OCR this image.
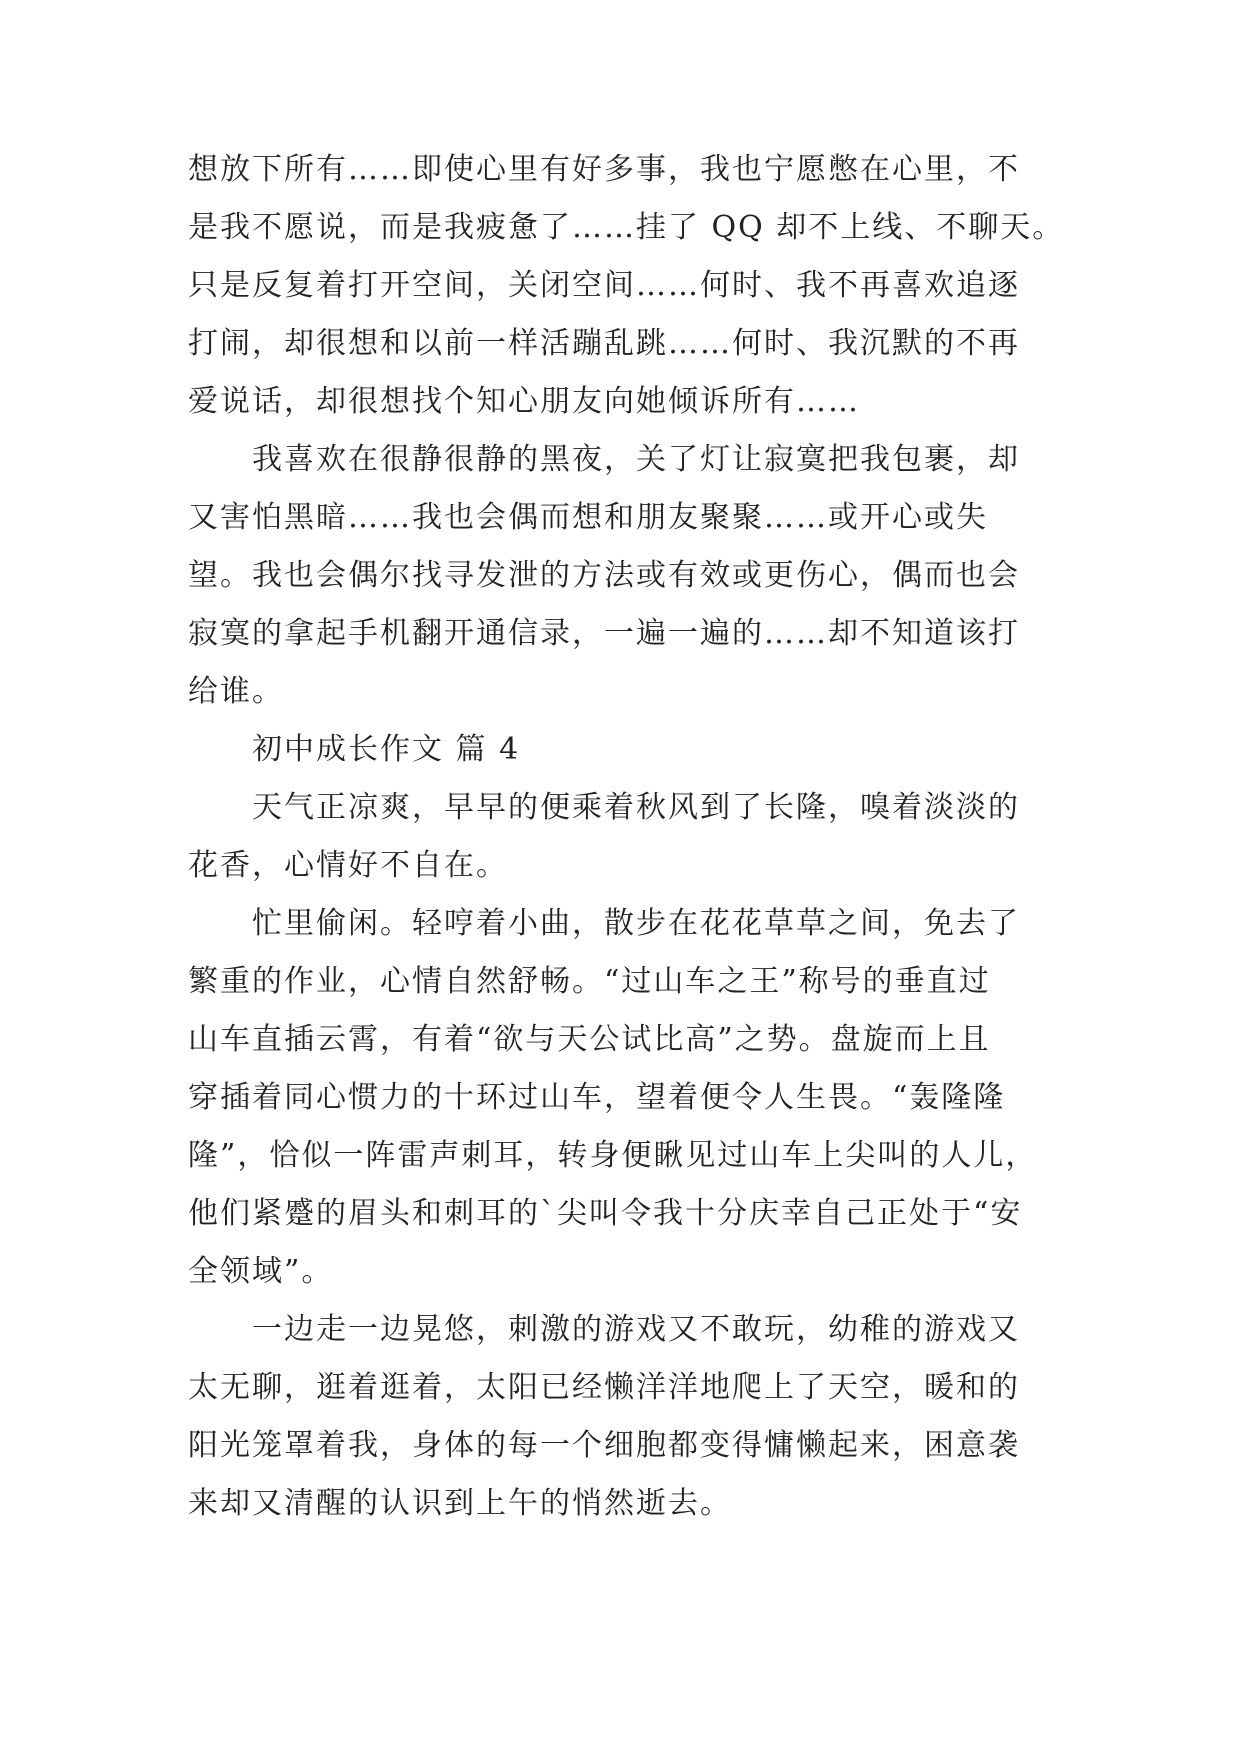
想放下所有……即使心里有好多事，我也宁愿憋在心里，不
是我不愿说，而是我疲惫了……挂了 QQ 却不上线、不聊天。
只是反复着打开空间，关闭空间……何时、我不再喜欢追逐
打闹，却很想和以前一样活蹦乱跳……何时、我沉默的不再
爱说话，却很想找个知心朋友向她倾诉所有……
我喜欢在很静很静的黑夜，关了灯让寂寞把我包裹，却
又害怕黑暗……我也会偶而想和朋友聚聚……或开心或失
望。我也会偶尔找寻发泄的方法或有效或更伤心，偶而也会
寂寞的拿起手机翻开通信录，一遍一遍的……却不知道该打
给谁。
初中成长作文 篇 4
天气正凉爽，早早的便乘着秋风到了长隆，嗅着淡淡的
花香，心情好不自在。
忙里偷闲。轻哼着小曲，散步在花花草草之间，免去了
繁重的作业，心情自然舒畅。“过山车之王”称号的垂直过
山车直插云霄，有着“欲与天公试比高”之势。盘旋而上且
穿插着同心惯力的十环过山车，望着便令人生畏。“轰隆隆
隆”，恰似一阵雷声刺耳，转身便瞅见过山车上尖叫的人儿，
他们紧蹙的眉头和刺耳的`尖叫令我十分庆幸自己正处于“安
全领域”。
一边走一边晃悠，刺激的游戏又不敢玩，幼稚的游戏又
太无聊，逛着逛着，太阳已经懒洋洋地爬上了天空，暖和的
阳光笼罩着我，身体的每一个细胞都变得慵懒起来，困意袭
来却又清醒的认识到上午的悄然逝去。
